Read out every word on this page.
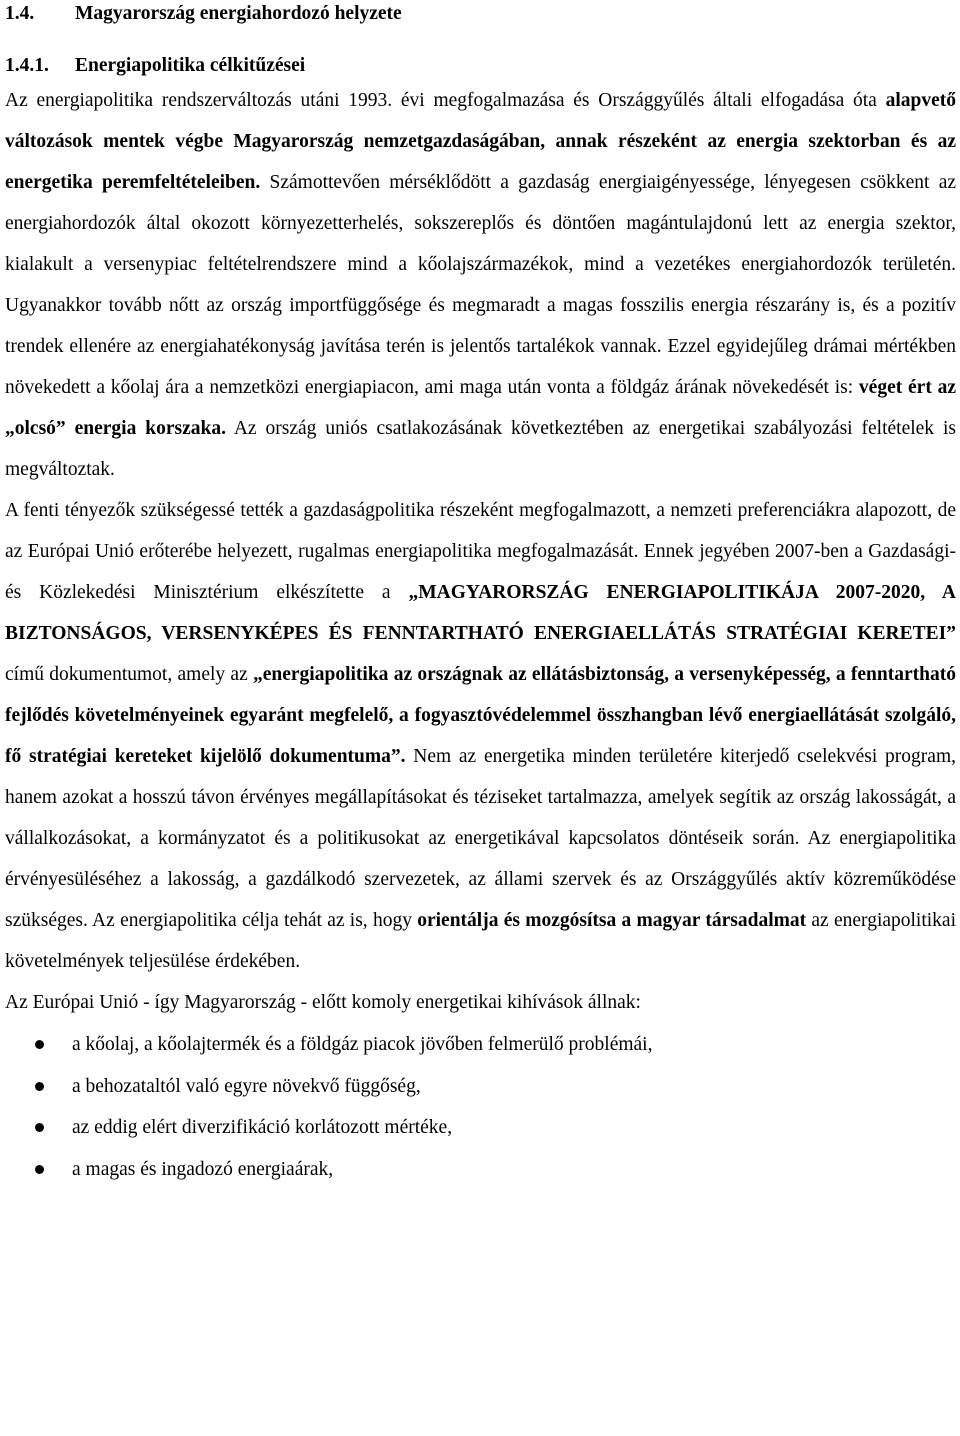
1.4. Magyarország energiahordozó helyzete
1.4.1. Energiapolitika célkitűzései

Az energiapolitika rendszerváltozás utáni 1993. évi megfogalmazása és Országgyűlés általi elfogadása óta alapvető változások mentek végbe Magyarország nemzetgazdaságában, annak részeként az energia szektorban és az energetika peremfeltételeiben. Számottevően mérséklődött a gazdaság energiaigényessége, lényegesen csökkent az energiahordozók által okozott környezetterhelés, sokszereplős és döntően magántulajdonú lett az energia szektor, kialakult a versenypiac feltételrendszere mind a kőolajszármazékok, mind a vezetékes energiahordozók területén. Ugyanakkor tovább nőtt az ország importfüggősége és megmaradt a magas fosszilis energia részarány is, és a pozitív trendek ellenére az energiahatékonyság javítása terén is jelentős tartalékok vannak. Ezzel egyidejűleg drámai mértékben növekedett a kőolaj ára a nemzetközi energiapiacon, ami maga után vonta a földgáz árának növekedését is: véget ért az „olcsó” energia korszaka. Az ország uniós csatlakozásának következtében az energetikai szabályozási feltételek is megváltoztak.

A fenti tényezők szükségessé tették a gazdaságpolitika részeként megfogalmazott, a nemzeti preferenciákra alapozott, de az Európai Unió erőterébe helyezett, rugalmas energiapolitika megfogalmazását. Ennek jegyében 2007-ben a Gazdasági- és Közlekedési Minisztérium elkészítette a „MAGYARORSZÁG ENERGIAPOLITIKÁJA 2007-2020, A BIZTONSÁGOS, VERSENYKÉPES ÉS FENNTARTHATÓ ENERGIAELLÁTÁS STRATÉGIAI KERETEI” című dokumentumot, amely az „energiapolitika az országnak az ellátásbiztonság, a versenyképesség, a fenntartható fejlődés követelményeinek egyaránt megfelelő, a fogyasztóvédelemmel összhangban lévő energiaellátását szolgáló, fő stratégiai kereteket kijelölő dokumentuma”. Nem az energetika minden területére kiterjedő cselekvési program, hanem azokat a hosszú távon érvényes megállapításokat és téziseket tartalmazza, amelyek segítik az ország lakosságát, a vállalkozásokat, a kormányzatot és a politikusokat az energetikával kapcsolatos döntéseik során. Az energiapolitika érvényesüléséhez a lakosság, a gazdálkodó szervezetek, az állami szervek és az Országgyűlés aktív közreműködése szükséges. Az energiapolitika célja tehát az is, hogy orientálja és mozgósítsa a magyar társadalmat az energiapolitikai követelmények teljesülése érdekében.

Az Európai Unió - így Magyarország - előtt komoly energetikai kihívások állnak:

a kőolaj, a kőolajtermék és a földgáz piacok jövőben felmerülő problémái,
a behozataltól való egyre növekvő függőség,
az eddig elért diverzifikáció korlátozott mértéke,
a magas és ingadozó energiaárak,
